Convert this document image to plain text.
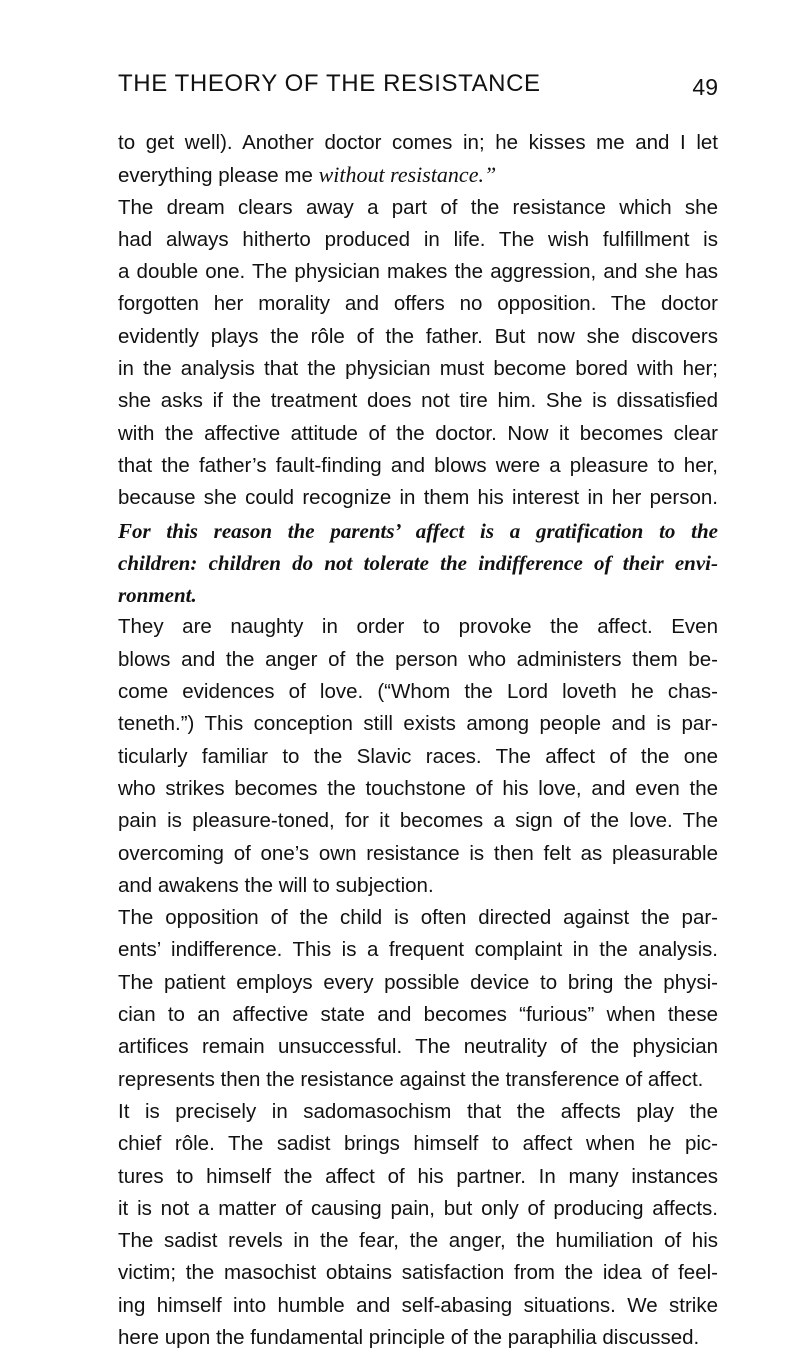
THE THEORY OF THE RESISTANCE	49
to get well). Another doctor comes in; he kisses me and I let
everything please me without resistance.”
The dream clears away a part of the resistance which she
had always hitherto produced in life. The wish fulfillment is
a double one. The physician makes the aggression, and she has
forgotten her morality and offers no opposition. The doctor
evidently plays the rôle of the father. But now she discovers
in the analysis that the physician must become bored with her;
she asks if the treatment does not tire him. She is dissatisfied
with the affective attitude of the doctor. Now it becomes clear
that the father’s fault-finding and blows were a pleasure to her,
because she could recognize in them his interest in her person.
For this reason the parents’ affect is a gratification to the
children: children do not tolerate the indifference of their envi-
ronment.
They are naughty in order to provoke the affect. Even
blows and the anger of the person who administers them be-
come evidences of love. (“Whom the Lord loveth he chas-
teneth.”) This conception still exists among people and is par-
ticularly familiar to the Slavic races. The affect of the one
who strikes becomes the touchstone of his love, and even the
pain is pleasure-toned, for it becomes a sign of the love. The
overcoming of one’s own resistance is then felt as pleasurable
and awakens the will to subjection.
The opposition of the child is often directed against the par-
ents’ indifference. This is a frequent complaint in the analysis.
The patient employs every possible device to bring the physi-
cian to an affective state and becomes “furious” when these
artifices remain unsuccessful. The neutrality of the physician
represents then the resistance against the transference of affect.
It is precisely in sadomasochism that the affects play the
chief rôle. The sadist brings himself to affect when he pic-
tures to himself the affect of his partner. In many instances
it is not a matter of causing pain, but only of producing affects.
The sadist revels in the fear, the anger, the humiliation of his
victim; the masochist obtains satisfaction from the idea of feel-
ing himself into humble and self-abasing situations. We strike
here upon the fundamental principle of the paraphilia discussed.
